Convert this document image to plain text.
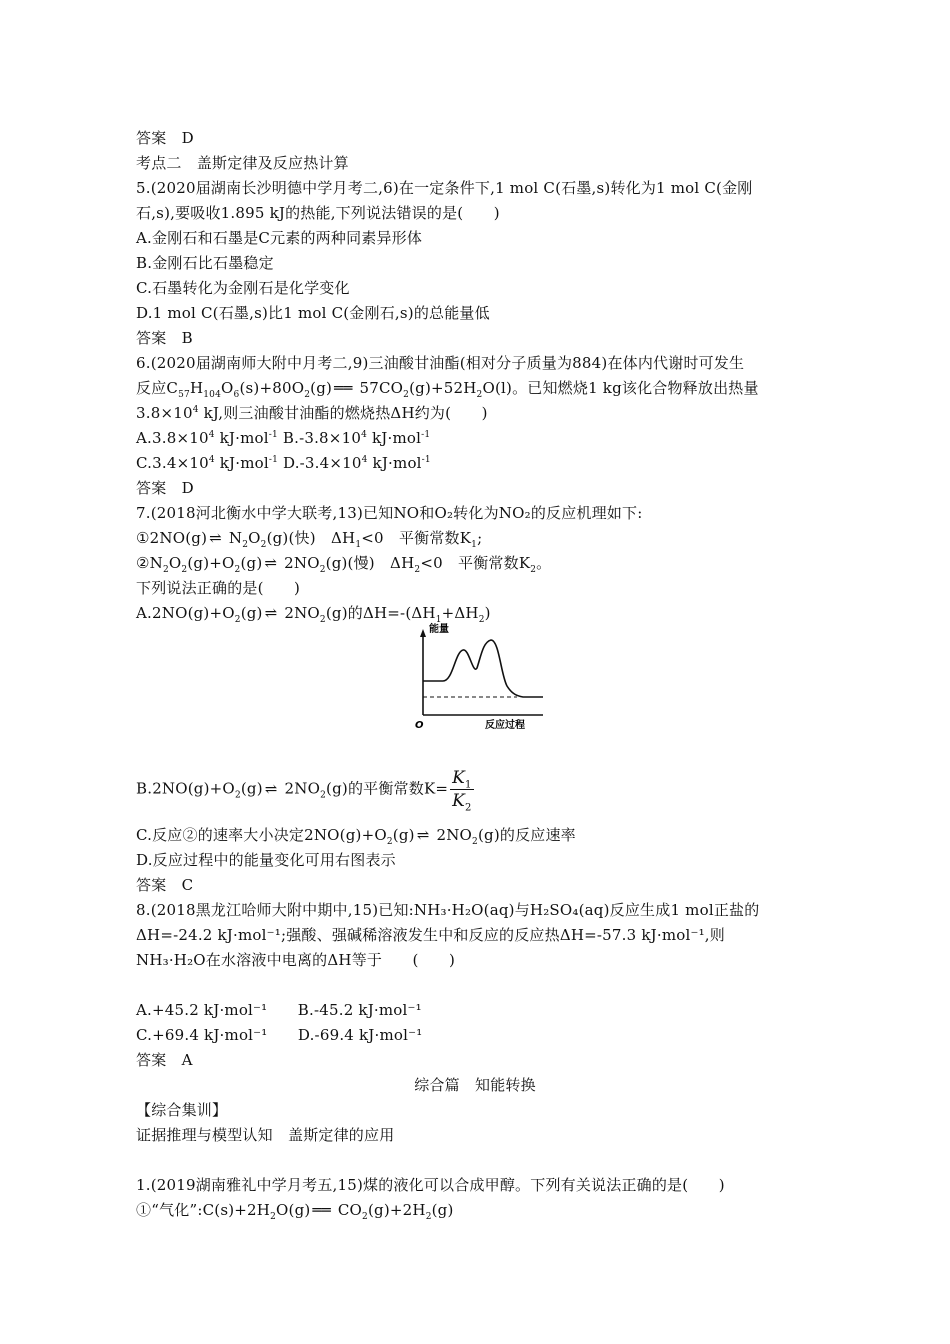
答案　D
考点二　盖斯定律及反应热计算
5.(2020届湖南长沙明德中学月考二,6)在一定条件下,1 mol C(石墨,s)转化为1 mol C(金刚
石,s),要吸收1.895 kJ的热能,下列说法错误的是(　　)
A.金刚石和石墨是C元素的两种同素异形体
B.金刚石比石墨稳定
C.石墨转化为金刚石是化学变化
D.1 mol C(石墨,s)比1 mol C(金刚石,s)的总能量低
答案　B
6.(2020届湖南师大附中月考二,9)三油酸甘油酯(相对分子质量为884)在体内代谢时可发生
反应$C_{57}H_{104}O_6(s)+80O_2(g)$ ══ $57CO_2(g)+52H_2O(l)$。已知燃烧1 kg该化合物释放出热量
$3.8\times 10^4$ kJ,则三油酸甘油酯的燃烧热ΔH约为(　　)
$A.3.8\times 10^4$ kJ·mol$^{-1}$ $B.-3.8\times 10^4$ kJ·mol$^{-1}$
$C.3.4\times 10^4$ kJ·mol$^{-1}$ $D.-3.4\times 10^4$ kJ·mol$^{-1}$
答案　D
7.(2018河北衡水中学大联考,13)已知NO和O₂转化为NO₂的反应机理如下:
①2NO(g) ⇌ $N_2O_2(g)$(快)　$\Delta H_1<0$　平衡常数$K_1$;
$②N_2O_2(g)+O_2(g)$ ⇌ $2NO_2(g)$(慢)　$\Delta H_2<0$　平衡常数$K_2$。
下列说法正确的是(　　)
$A.2NO(g)+O_2(g)$ ⇌ $2NO_2(g)$的$\Delta H=-(\Delta H_1+\Delta H_2)$
能量
O	反应过程
$B.2NO(g)+O_2(g)$ ⇌ $2NO_2(g)$的平衡常数$K= \frac{K_1}{K_2}$
C.反应②的速率大小决定$2NO(g)+O_2(g)$ ⇌ $2NO_2(g)$的反应速率
D.反应过程中的能量变化可用右图表示
答案　C
8.(2018黑龙江哈师大附中期中,15)已知:NH₃·H₂O(aq)与H₂SO₄(aq)反应生成1 mol正盐的
ΔH=-24.2 kJ·mol⁻¹;强酸、强碱稀溶液发生中和反应的反应热ΔH=-57.3 kJ·mol⁻¹,则
NH₃·H₂O在水溶液中电离的ΔH等于　　(　　)
A.+45.2 kJ·mol⁻¹　　B.-45.2 kJ·mol⁻¹
C.+69.4 kJ·mol⁻¹　　D.-69.4 kJ·mol⁻¹
答案　A
综合篇　知能转换
【综合集训】
证据推理与模型认知　盖斯定律的应用
1.(2019湖南雅礼中学月考五,15)煤的液化可以合成甲醇。下列有关说法正确的是(　　)
①“气化$”:C(s)+2H_2O(g)$ ══ $CO_2(g)+2H_2(g)$
